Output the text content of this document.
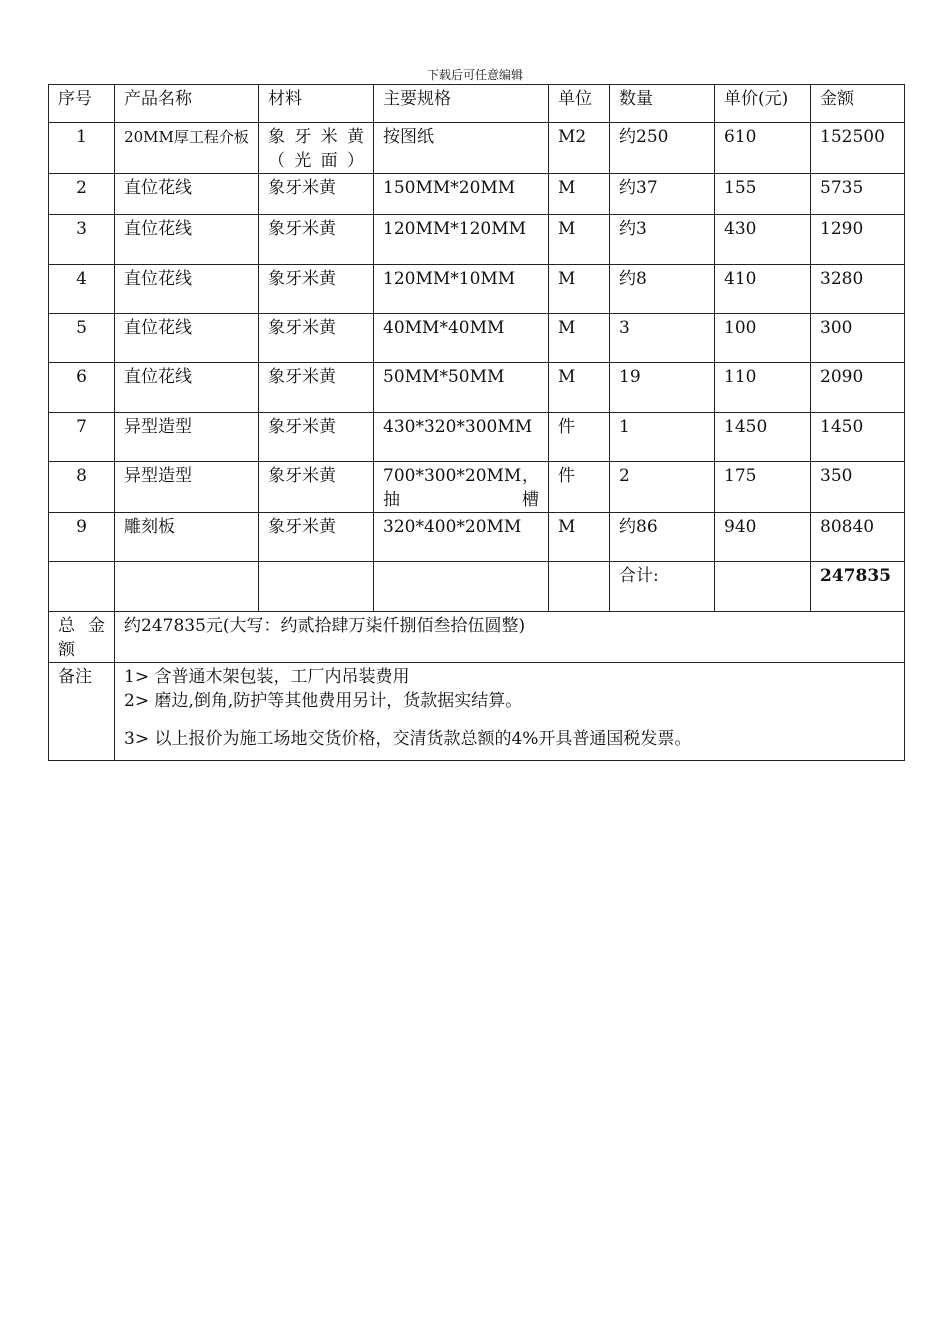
下载后可任意编辑
序号	产品名称	材料	主要规格	单位	数量	单价(元)	金额
1	20MM厚工程介板	象牙米黄（光面）	按图纸	M2	约250	610	152500
2	直位花线	象牙米黄	150MM*20MM	M	约37	155	5735
3	直位花线	象牙米黄	120MM*120MM	M	约3	430	1290
4	直位花线	象牙米黄	120MM*10MM	M	约8	410	3280
5	直位花线	象牙米黄	40MM*40MM	M	3	100	300
6	直位花线	象牙米黄	50MM*50MM	M	19	110	2090
7	异型造型	象牙米黄	430*320*300MM	件	1	1450	1450
8	异型造型	象牙米黄	700*300*20MM，抽槽	件	2	175	350
9	雕刻板	象牙米黄	320*400*20MM	M	约86	940	80840
					合计:		247835
总金额	约247835元(大写：约贰拾肆万柒仟捌佰叁拾伍圆整)						
备注	1> 含普通木架包装，工厂内吊装费用
2> 磨边,倒角,防护等其他费用另计，货款据实结算。
3> 以上报价为施工场地交货价格，交清货款总额的4%开具普通国税发票。						
